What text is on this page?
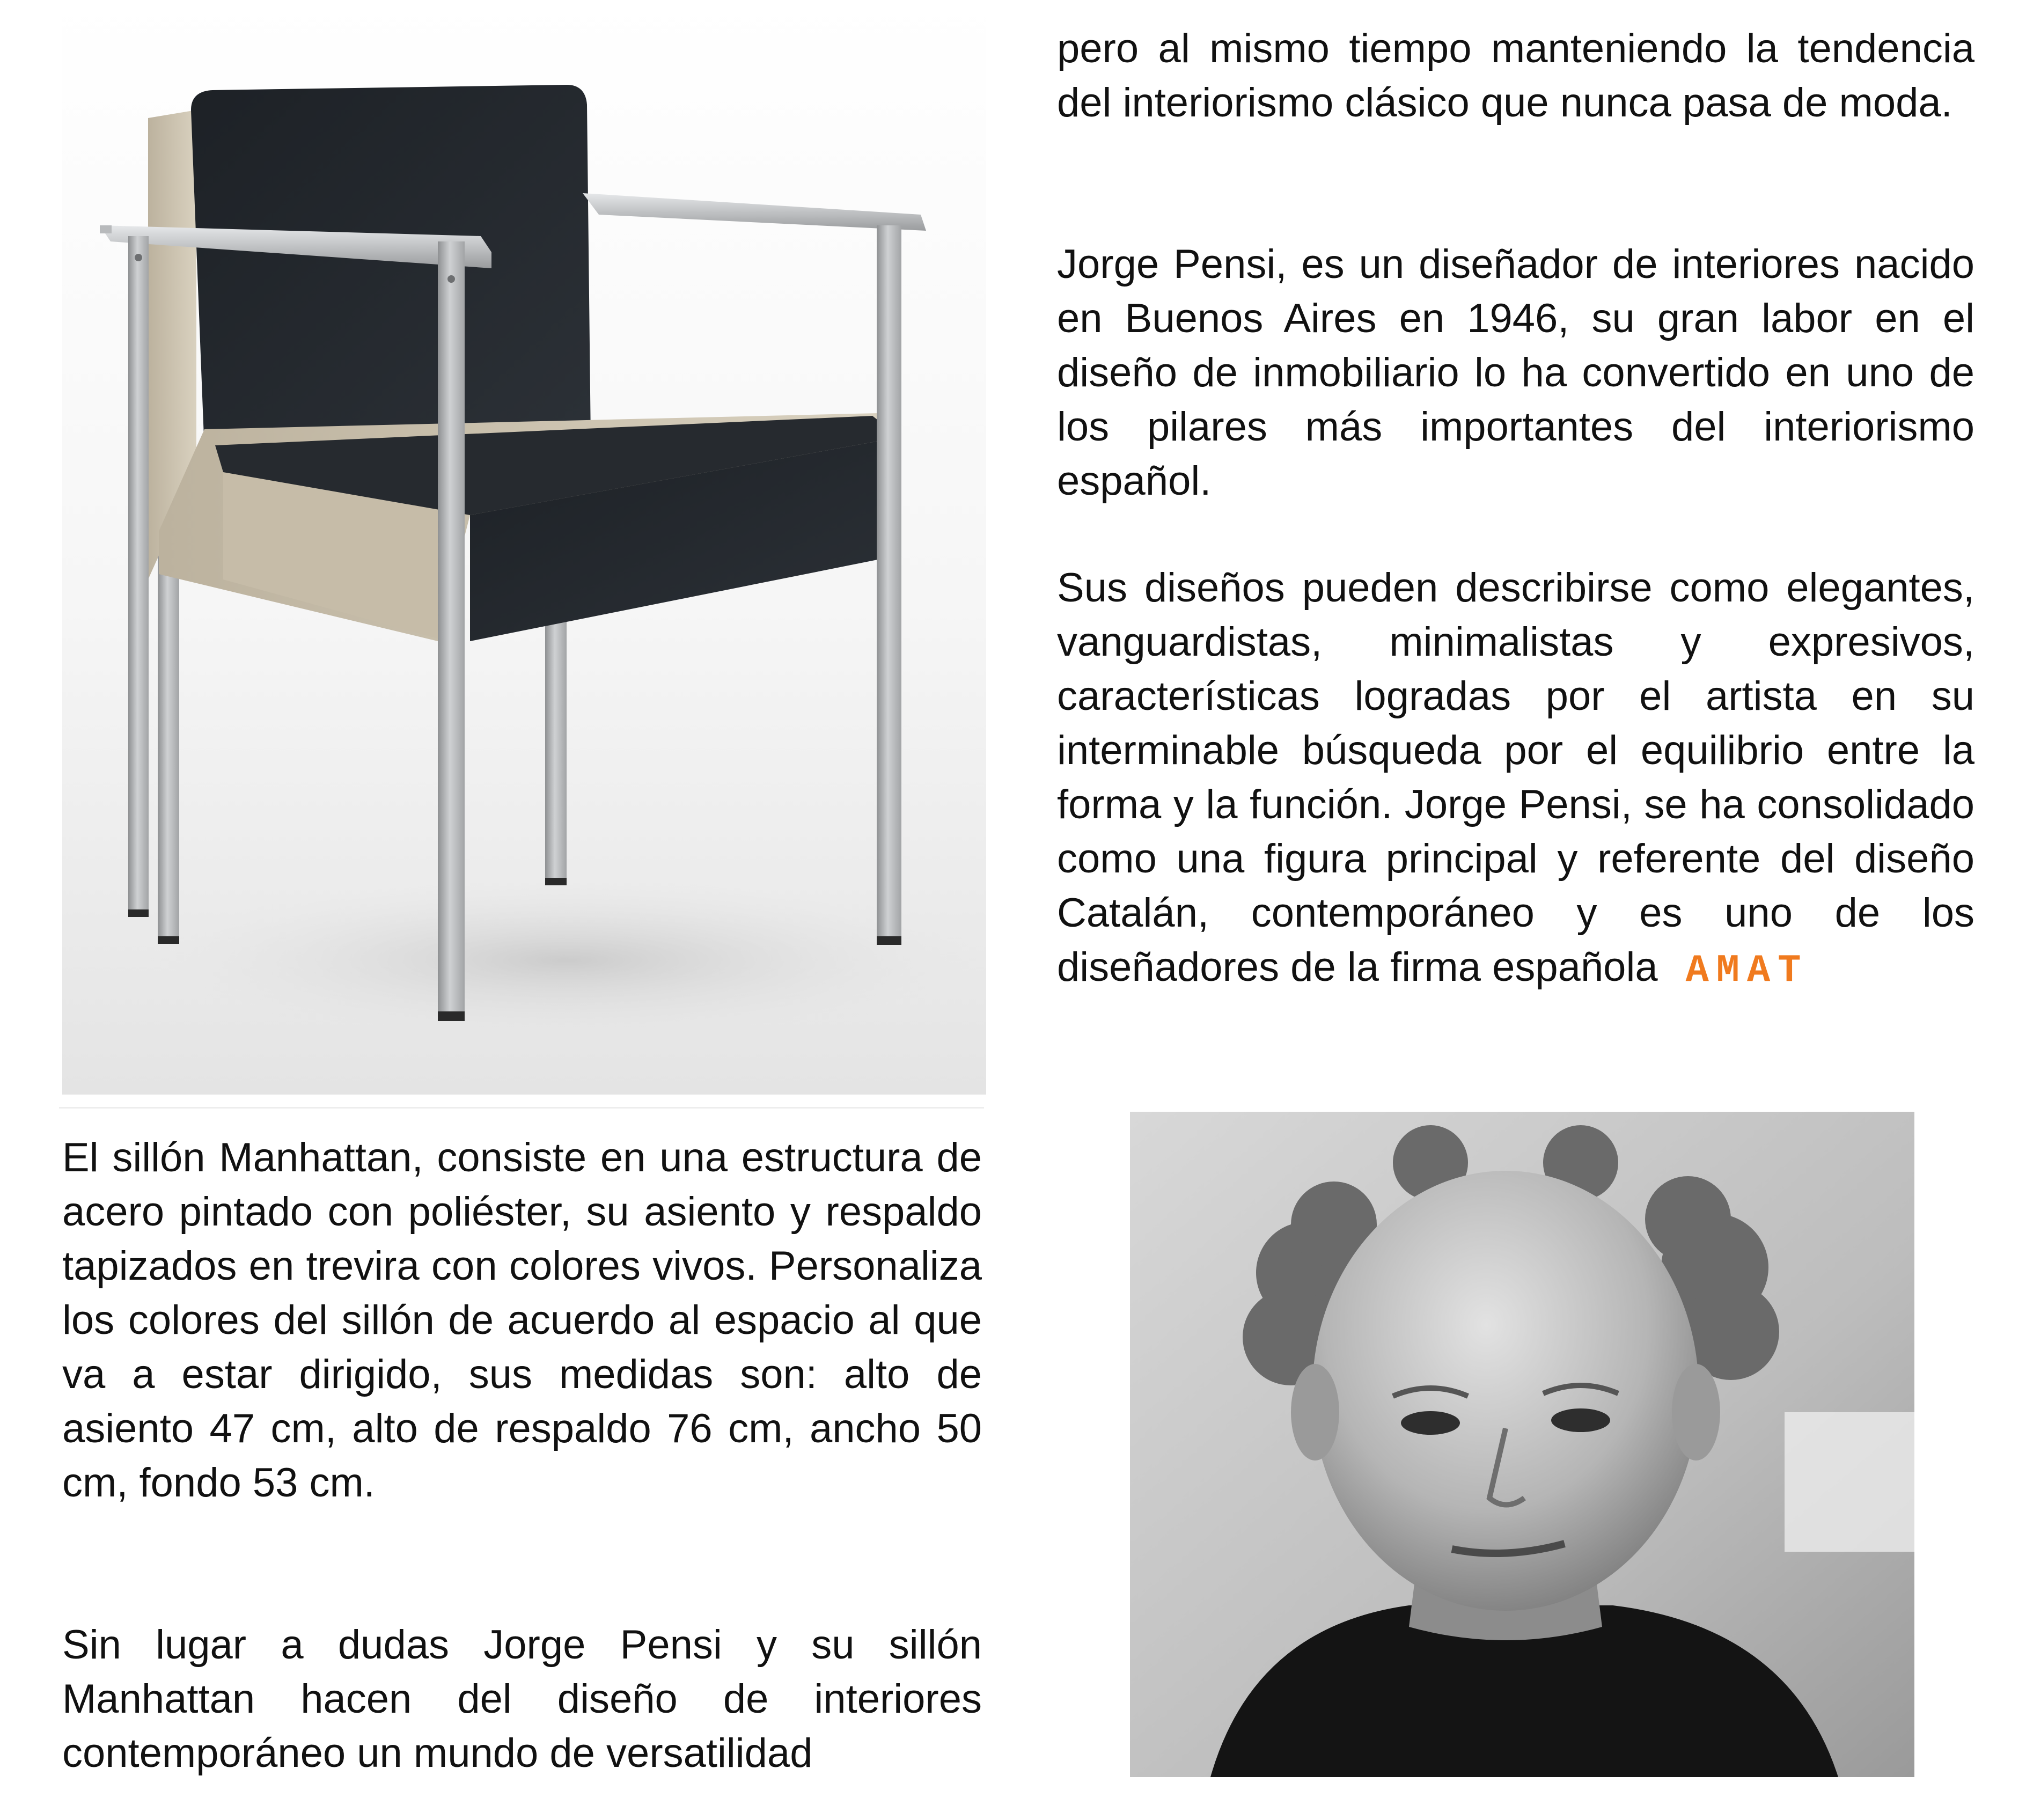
pero al mismo tiempo manteniendo la tendencia del interiorismo clásico que nunca pasa de moda.

Jorge Pensi, es un diseñador de interiores nacido en Buenos Aires en 1946, su gran labor en el diseño de inmobiliario lo ha convertido en uno de los pilares más importantes del interiorismo español.

Sus diseños pueden describirse como elegantes, vanguardistas, minimalistas y expresivos, características logradas por el artista en su interminable búsqueda por el equilibrio entre la forma y la función. Jorge Pensi, se ha consolidado como una figura principal y referente del diseño Catalán, contemporáneo y es uno de los diseñadores de la firma española AMAT

El sillón Manhattan, consiste en una estructura de acero pintado con poliéster, su asiento y respaldo tapizados en trevira con colores vivos. Personaliza los colores del sillón de acuerdo al espacio al que va a estar dirigido, sus medidas son: alto de asiento 47 cm, alto de respaldo 76 cm, ancho 50 cm, fondo 53 cm.

Sin lugar a dudas Jorge Pensi y su sillón Manhattan hacen del diseño de interiores contemporáneo un mundo de versatilidad
